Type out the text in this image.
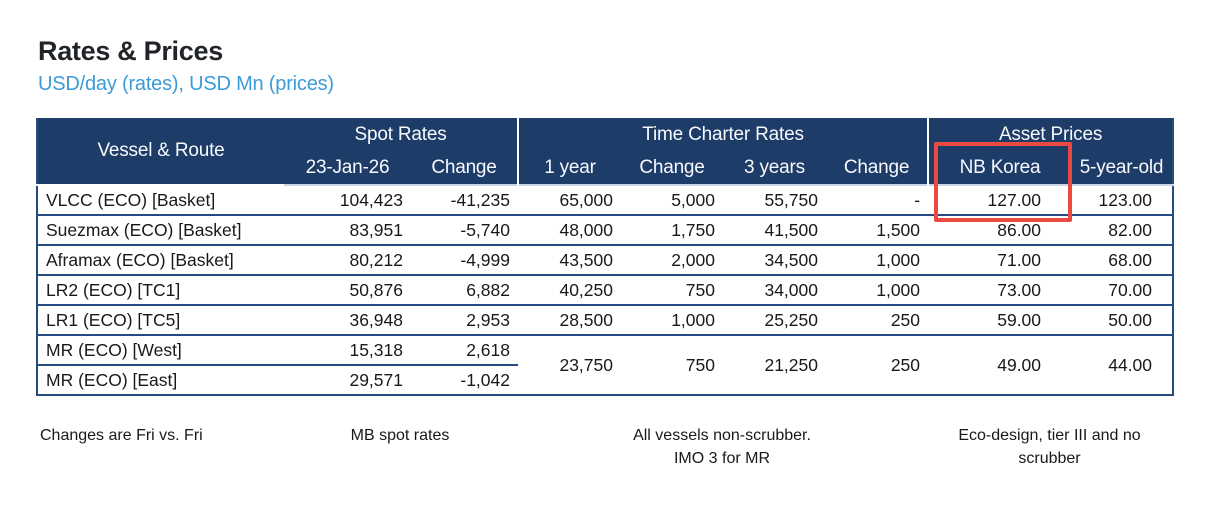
Rates & Prices
USD/day (rates), USD Mn (prices)
Vessel & Route	Spot Rates		Time Charter Rates				Asset Prices	
	23-Jan-26	Change	1 year	Change	3 years	Change	NB Korea	5-year-old
VLCC (ECO) [Basket]	104,423	-41,235	65,000	5,000	55,750	-	127.00	123.00
Suezmax (ECO) [Basket]	83,951	-5,740	48,000	1,750	41,500	1,500	86.00	82.00
Aframax (ECO) [Basket]	80,212	-4,999	43,500	2,000	34,500	1,000	71.00	68.00
LR2 (ECO) [TC1]	50,876	6,882	40,250	750	34,000	1,000	73.00	70.00
LR1 (ECO) [TC5]	36,948	2,953	28,500	1,000	25,250	250	59.00	50.00
MR (ECO) [West]	15,318	2,618	23,750	750	21,250	250	49.00	44.00
MR (ECO) [East]	29,571	-1,042						
Changes are Fri vs. Fri	MB spot rates	All vessels non-scrubber.
IMO 3 for MR
Eco-design, tier III and no
scrubber
